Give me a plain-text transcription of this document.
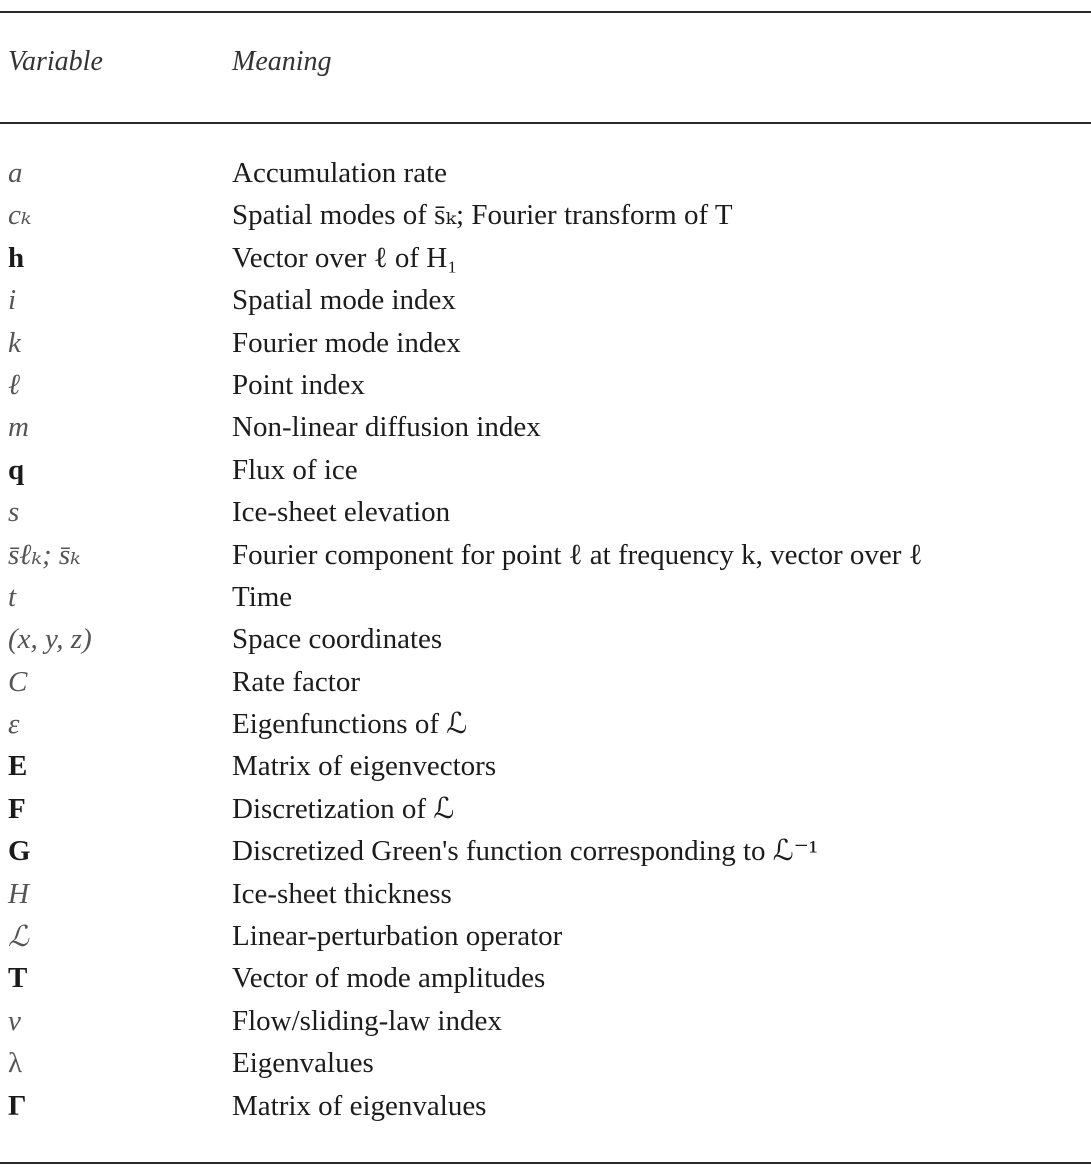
Variable	Meaning
a	Accumulation rate
cₖ	Spatial modes of s̄ₖ; Fourier transform of T
h	Vector over ℓ of H₁
i	Spatial mode index
k	Fourier mode index
ℓ	Point index
m	Non-linear diffusion index
q	Flux of ice
s	Ice-sheet elevation
s̄ℓₖ; s̄ₖ	Fourier component for point ℓ at frequency k, vector over ℓ
t	Time
(x, y, z)	Space coordinates
C	Rate factor
ε	Eigenfunctions of ℒ
E	Matrix of eigenvectors
F	Discretization of ℒ
G	Discretized Green's function corresponding to ℒ⁻¹
H	Ice-sheet thickness
ℒ	Linear-perturbation operator
T	Vector of mode amplitudes
ν	Flow/sliding-law index
λ	Eigenvalues
Γ	Matrix of eigenvalues
